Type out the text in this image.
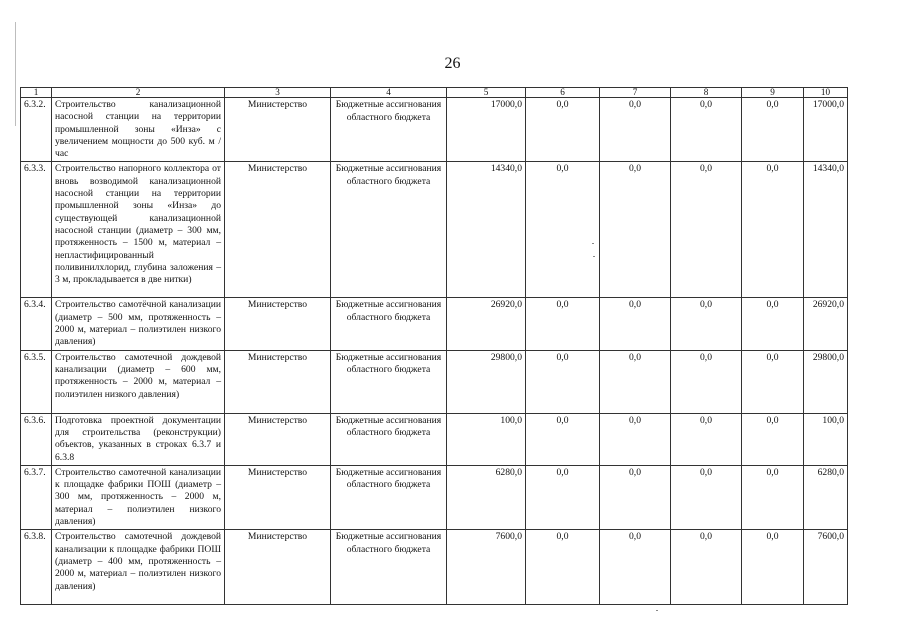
26
1	2	3	4	5	6	7	8	9	10
6.3.2.	Строительство канализационной насосной станции на территории промышленной зоны «Инза» с увеличением мощности до 500 куб. м / час	Министерство	Бюджетные ассигнования областного бюджета	17000,0	0,0	0,0	0,0	0,0	17000,0
6.3.3.	Строительство напорного коллектора от вновь возводимой канализационной насосной станции на территории промышленной зоны «Инза» до существующей канализационной насосной станции (диаметр – 300 мм, протяженность – 1500 м, материал – непластифицированный поливинилхлорид, глубина заложения – 3 м, прокладывается в две нитки)	Министерство	Бюджетные ассигнования областного бюджета	14340,0	0,0	0,0	0,0	0,0	14340,0
6.3.4.	Строительство самотёчной канализации (диаметр – 500 мм, протяженность – 2000 м, материал – полиэтилен низкого давления)	Министерство	Бюджетные ассигнования областного бюджета	26920,0	0,0	0,0	0,0	0,0	26920,0
6.3.5.	Строительство самотечной дождевой канализации (диаметр – 600 мм, протяженность – 2000 м, материал – полиэтилен низкого давления)	Министерство	Бюджетные ассигнования областного бюджета	29800,0	0,0	0,0	0,0	0,0	29800,0
6.3.6.	Подготовка проектной документации для строительства (реконструкции) объектов, указанных в строках 6.3.7 и 6.3.8	Министерство	Бюджетные ассигнования областного бюджета	100,0	0,0	0,0	0,0	0,0	100,0
6.3.7.	Строительство самотечной канализации к площадке фабрики ПОШ (диаметр – 300 мм, протяженность – 2000 м, материал – полиэтилен низкого давления)	Министерство	Бюджетные ассигнования областного бюджета	6280,0	0,0	0,0	0,0	0,0	6280,0
6.3.8.	Строительство самотечной дождевой канализации к площадке фабрики ПОШ (диаметр – 400 мм, протяженность – 2000 м, материал – полиэтилен низкого давления)	Министерство	Бюджетные ассигнования областного бюджета	7600,0	0,0	0,0	0,0	0,0	7600,0
